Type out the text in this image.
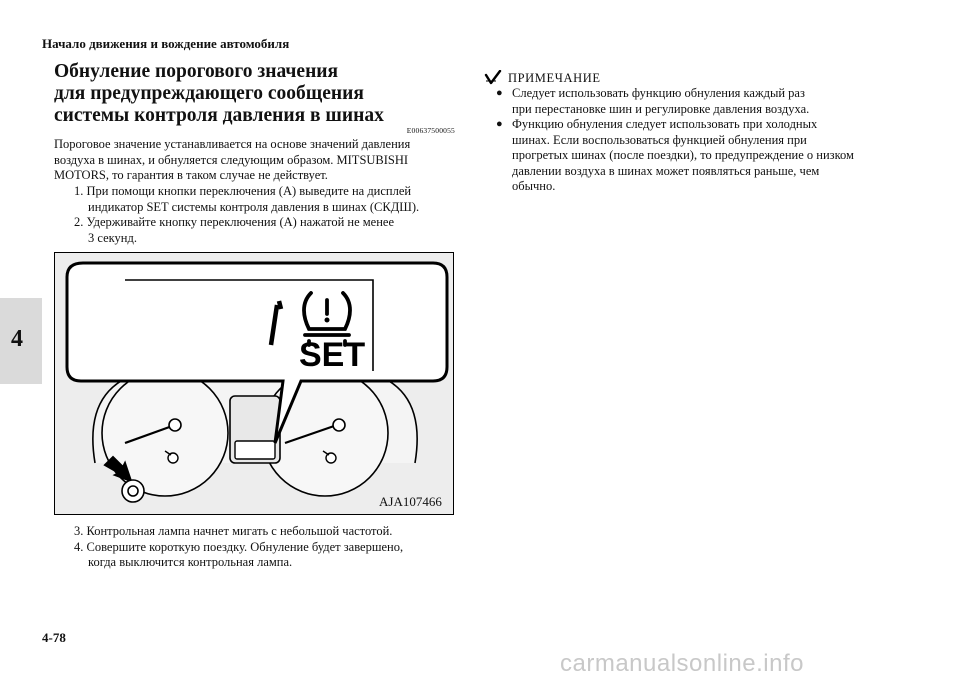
Начало движения и вождение автомобиля
4
Обнуление порогового значения
для предупреждающего сообщения
системы контроля давления в шинах
E00637500055
Пороговое значение устанавливается на основе значений давления
воздуха в шинах, и обнуляется следующим образом. MITSUBISHI
MOTORS, то гарантия в таком случае не действует.
1. При помощи кнопки переключения (A) выведите на дисплей
индикатор SET системы контроля давления в шинах (СКДШ).
2. Удерживайте кнопку переключения (A) нажатой не менее
3 секунд.
SET
AJA107466
3. Контрольная лампа начнет мигать с небольшой частотой.
4. Совершите короткую поездку. Обнуление будет завершено,
когда выключится контрольная лампа.
ПРИМЕЧАНИЕ
● Следует использовать функцию обнуления каждый раз
при перестановке шин и регулировке давления воздуха.
● Функцию обнуления следует использовать при холодных
шинах. Если воспользоваться функцией обнуления при
прогретых шинах (после поездки), то предупреждение о низком
давлении воздуха в шинах может появляться раньше, чем
обычно.
4-78
carmanualsonline.info
